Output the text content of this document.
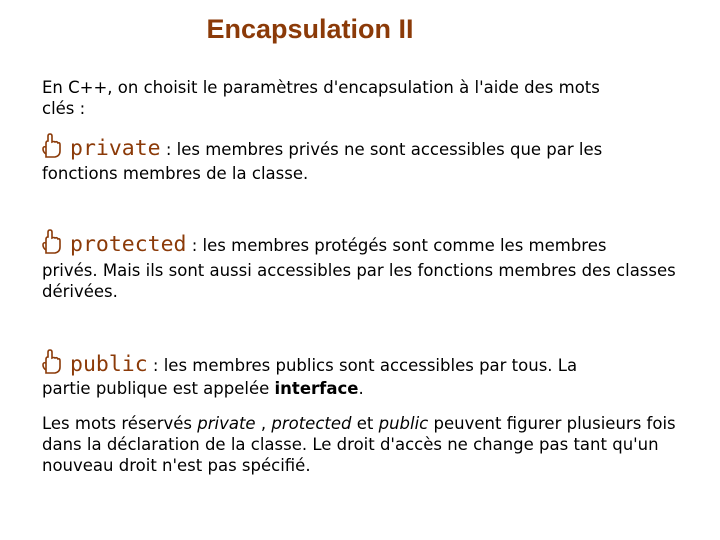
Encapsulation II
En C++, on choisit le paramètres d'encapsulation à l'aide des mots
clés :
private : les membres privés ne sont accessibles que par les
fonctions membres de la classe.
protected : les membres protégés sont comme les membres
privés. Mais ils sont aussi accessibles par les fonctions membres des classes dérivées.
public : les membres publics sont accessibles par tous. La
partie publique est appelée interface.
Les mots réservés private , protected et public peuvent figurer plusieurs fois dans la déclaration de la classe. Le droit d'accès ne change pas tant qu'un nouveau droit n'est pas spécifié.
